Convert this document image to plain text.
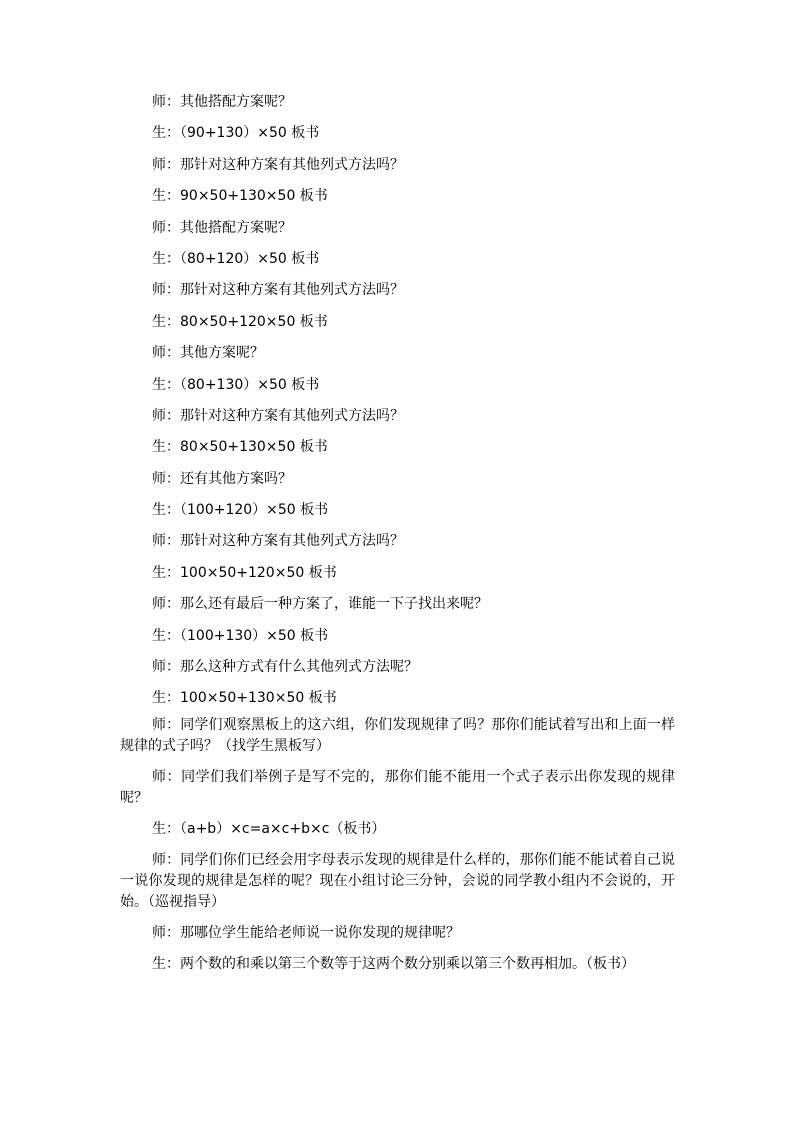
师：其他搭配方案呢？

生：（90+130）×50 板书

师：那针对这种方案有其他列式方法吗？

生：90×50+130×50 板书

师：其他搭配方案呢？

生：（80+120）×50 板书

师：那针对这种方案有其他列式方法吗？

生：80×50+120×50 板书

师：其他方案呢？

生：（80+130）×50 板书

师：那针对这种方案有其他列式方法吗？

生：80×50+130×50 板书

师：还有其他方案吗？

生：（100+120）×50 板书

师：那针对这种方案有其他列式方法吗？

生：100×50+120×50 板书

师：那么还有最后一种方案了，谁能一下子找出来呢？

生：（100+130）×50 板书

师：那么这种方式有什么其他列式方法呢？

生：100×50+130×50 板书

师：同学们观察黑板上的这六组，你们发现规律了吗？那你们能试着写出和上面一样规律的式子吗？（找学生黑板写）

师：同学们我们举例子是写不完的，那你们能不能用一个式子表示出你发现的规律呢？

生：（a+b）×c=a×c+b×c（板书）

师：同学们你们已经会用字母表示发现的规律是什么样的，那你们能不能试着自己说一说你发现的规律是怎样的呢？现在小组讨论三分钟，会说的同学教小组内不会说的，开始。（巡视指导）

师：那哪位学生能给老师说一说你发现的规律呢？

生：两个数的和乘以第三个数等于这两个数分别乘以第三个数再相加。（板书）
